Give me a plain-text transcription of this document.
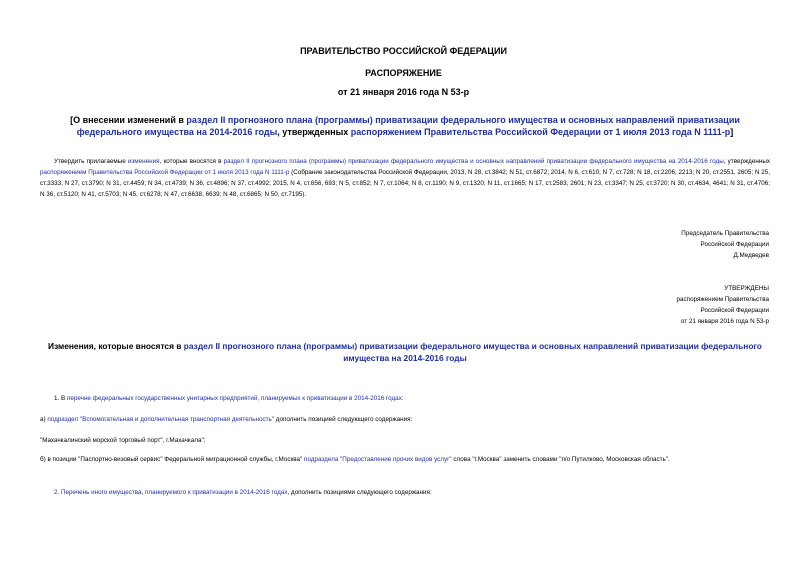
ПРАВИТЕЛЬСТВО РОССИЙСКОЙ ФЕДЕРАЦИИ
РАСПОРЯЖЕНИЕ
от 21 января 2016 года N 53-р
[О внесении изменений в раздел II прогнозного плана (программы) приватизации федерального имущества и основных направлений приватизации федерального имущества на 2014-2016 годы, утвержденных распоряжением Правительства Российской Федерации от 1 июля 2013 года N 1111-р]
Утвердить прилагаемые изменения, которые вносятся в раздел II прогнозного плана (программы) приватизации федерального имущества и основных направлений приватизации федерального имущества на 2014-2016 годы, утвержденных распоряжением Правительства Российской Федерации от 1 июля 2013 года N 1111-р (Собрание законодательства Российской Федерации, 2013, N 28, ст.3842; N 51, ст.6872; 2014, N 6, ст.610; N 7, ст.728; N 18, ст.2206, 2213; N 20, ст.2551, 2605; N 25, ст.3333; N 27, ст.3790; N 31, ст.4459; N 34, ст.4739; N 36, ст.4896; N 37, ст.4992; 2015, N 4, ст.656, 693; N 5, ст.852; N 7, ст.1064; N 8, ст.1190; N 9, ст.1320; N 11, ст.1665; N 17, ст.2583, 2601; N 23, ст.3347; N 25, ст.3720; N 30, ст.4634, 4641; N 31, ст.4706; N 36, ст.5120; N 41, ст.5703; N 45, ст.6278; N 47, ст.6638, 6639; N 48, ст.6865; N 50, ст.7195).
Председатель Правительства
Российской Федерации
Д.Медведев
УТВЕРЖДЕНЫ
распоряжением Правительства
Российской Федерации
от 21 января 2016 года N 53-р
Изменения, которые вносятся в раздел II прогнозного плана (программы) приватизации федерального имущества и основных направлений приватизации федерального имущества на 2014-2016 годы
1. В перечне федеральных государственных унитарных предприятий, планируемых к приватизации в 2014-2016 годах:
а) подраздел "Вспомогательная и дополнительная транспортная деятельность" дополнить позицией следующего содержания:
"Махачкалинский морской торговый порт", г.Махачкала";
б) в позиции "Паспортно-визовый сервис" Федеральной миграционной службы, г.Москва" подраздела "Предоставление прочих видов услуг" слова "г.Москва" заменить словами "п/о Путилково, Московская область".
2. Перечень иного имущества, планируемого к приватизации в 2014-2016 годах, дополнить позициями следующего содержания:
